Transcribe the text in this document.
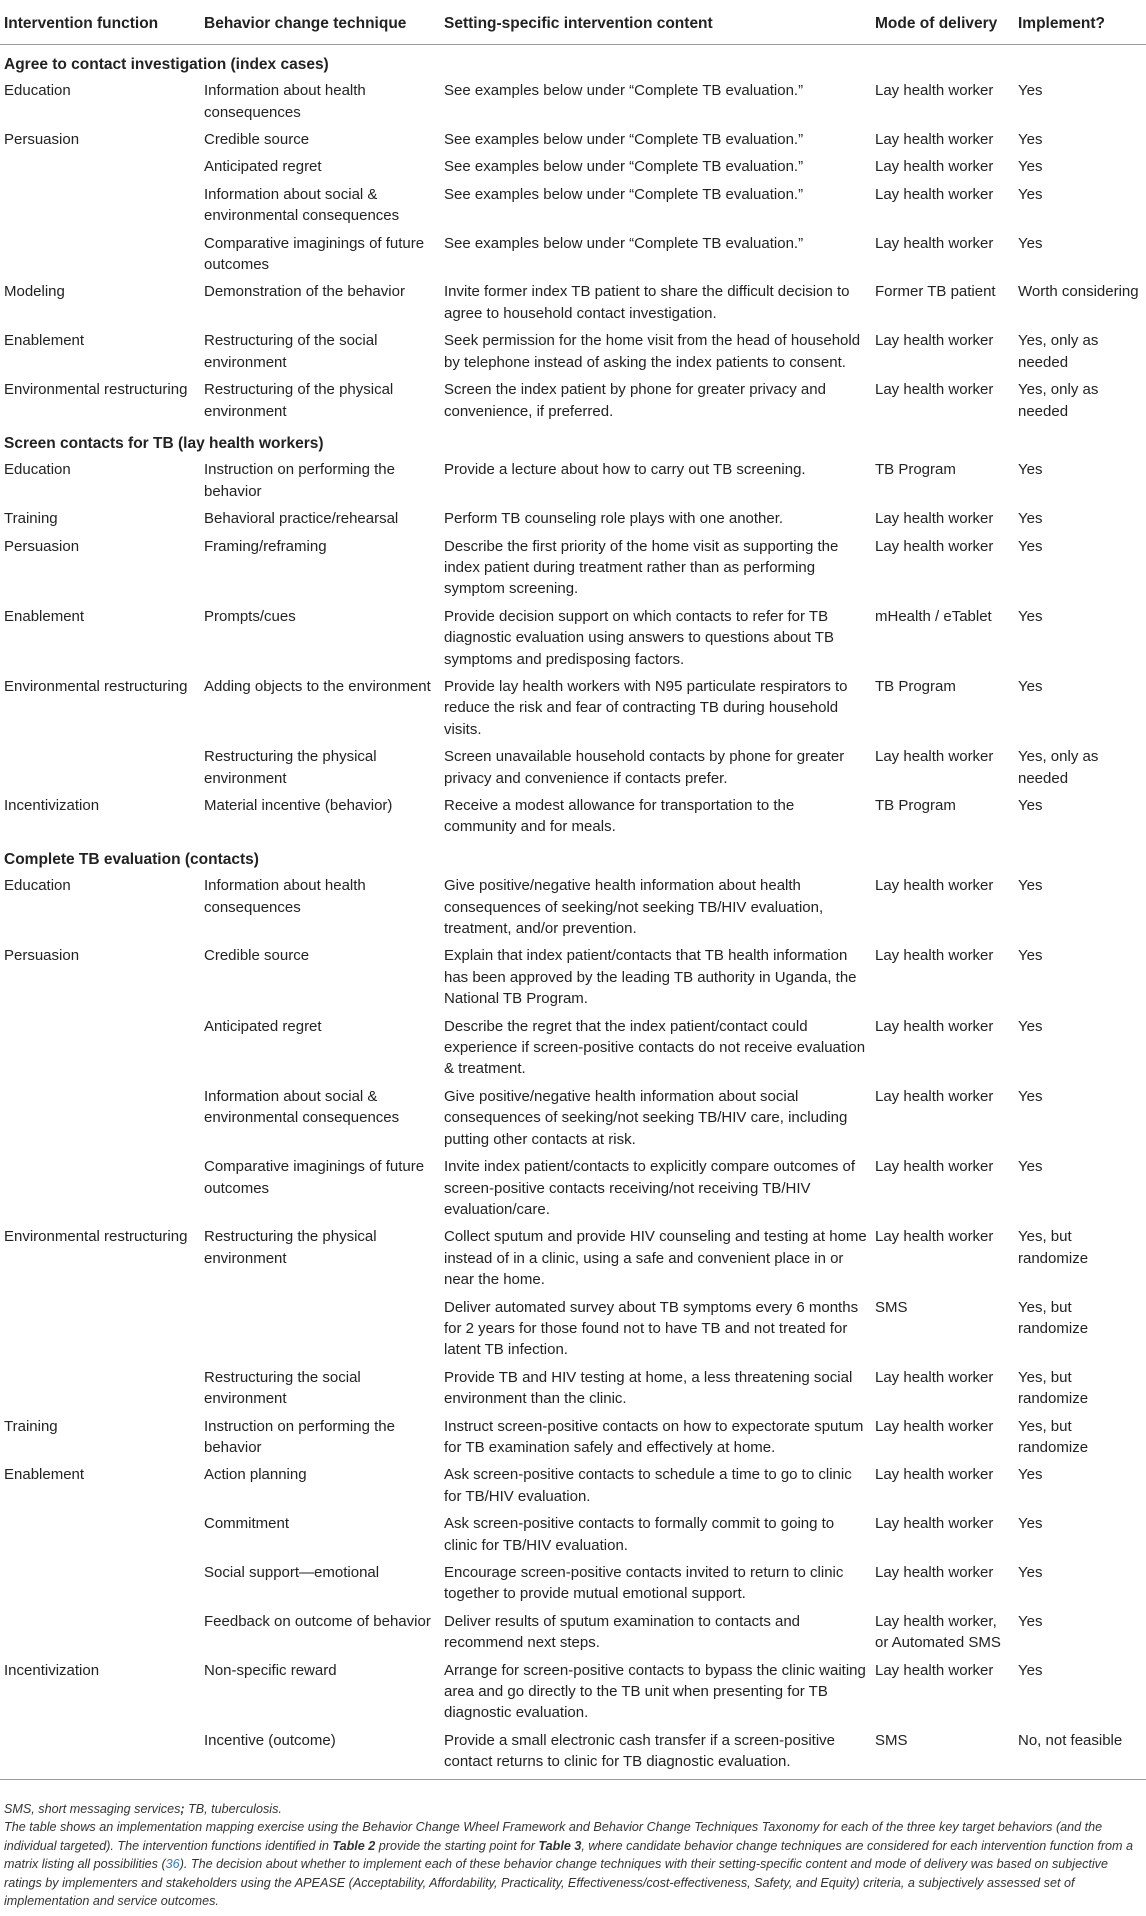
Intervention function	Behavior change technique	Setting-specific intervention content	Mode of delivery	Implement?
Agree to contact investigation (index cases)				
Education	Information about health consequences	See examples below under “Complete TB evaluation.”	Lay health worker	Yes
Persuasion	Credible source	See examples below under “Complete TB evaluation.”	Lay health worker	Yes
	Anticipated regret	See examples below under “Complete TB evaluation.”	Lay health worker	Yes
	Information about social & environmental consequences	See examples below under “Complete TB evaluation.”	Lay health worker	Yes
	Comparative imaginings of future outcomes	See examples below under “Complete TB evaluation.”	Lay health worker	Yes
Modeling	Demonstration of the behavior	Invite former index TB patient to share the difficult decision to agree to household contact investigation.	Former TB patient	Worth considering
Enablement	Restructuring of the social environment	Seek permission for the home visit from the head of household by telephone instead of asking the index patients to consent.	Lay health worker	Yes, only as needed
Environmental restructuring	Restructuring of the physical environment	Screen the index patient by phone for greater privacy and convenience, if preferred.	Lay health worker	Yes, only as needed
Screen contacts for TB (lay health workers)				
Education	Instruction on performing the behavior	Provide a lecture about how to carry out TB screening.	TB Program	Yes
Training	Behavioral practice/rehearsal	Perform TB counseling role plays with one another.	Lay health worker	Yes
Persuasion	Framing/reframing	Describe the first priority of the home visit as supporting the index patient during treatment rather than as performing symptom screening.	Lay health worker	Yes
Enablement	Prompts/cues	Provide decision support on which contacts to refer for TB diagnostic evaluation using answers to questions about TB symptoms and predisposing factors.	mHealth / eTablet	Yes
Environmental restructuring	Adding objects to the environment	Provide lay health workers with N95 particulate respirators to reduce the risk and fear of contracting TB during household visits.	TB Program	Yes
	Restructuring the physical environment	Screen unavailable household contacts by phone for greater privacy and convenience if contacts prefer.	Lay health worker	Yes, only as needed
Incentivization	Material incentive (behavior)	Receive a modest allowance for transportation to the community and for meals.	TB Program	Yes
Complete TB evaluation (contacts)				
Education	Information about health consequences	Give positive/negative health information about health consequences of seeking/not seeking TB/HIV evaluation, treatment, and/or prevention.	Lay health worker	Yes
Persuasion	Credible source	Explain that index patient/contacts that TB health information has been approved by the leading TB authority in Uganda, the National TB Program.	Lay health worker	Yes
	Anticipated regret	Describe the regret that the index patient/contact could experience if screen-positive contacts do not receive evaluation & treatment.	Lay health worker	Yes
	Information about social & environmental consequences	Give positive/negative health information about social consequences of seeking/not seeking TB/HIV care, including putting other contacts at risk.	Lay health worker	Yes
	Comparative imaginings of future outcomes	Invite index patient/contacts to explicitly compare outcomes of screen-positive contacts receiving/not receiving TB/HIV evaluation/care.	Lay health worker	Yes
Environmental restructuring	Restructuring the physical environment	Collect sputum and provide HIV counseling and testing at home instead of in a clinic, using a safe and convenient place in or near the home.	Lay health worker	Yes, but randomize
		Deliver automated survey about TB symptoms every 6 months for 2 years for those found not to have TB and not treated for latent TB infection.	SMS	Yes, but randomize
	Restructuring the social environment	Provide TB and HIV testing at home, a less threatening social environment than the clinic.	Lay health worker	Yes, but randomize
Training	Instruction on performing the behavior	Instruct screen-positive contacts on how to expectorate sputum for TB examination safely and effectively at home.	Lay health worker	Yes, but randomize
Enablement	Action planning	Ask screen-positive contacts to schedule a time to go to clinic for TB/HIV evaluation.	Lay health worker	Yes
	Commitment	Ask screen-positive contacts to formally commit to going to clinic for TB/HIV evaluation.	Lay health worker	Yes
	Social support—emotional	Encourage screen-positive contacts invited to return to clinic together to provide mutual emotional support.	Lay health worker	Yes
	Feedback on outcome of behavior	Deliver results of sputum examination to contacts and recommend next steps.	Lay health worker, or Automated SMS	Yes
Incentivization	Non-specific reward	Arrange for screen-positive contacts to bypass the clinic waiting area and go directly to the TB unit when presenting for TB diagnostic evaluation.	Lay health worker	Yes
	Incentive (outcome)	Provide a small electronic cash transfer if a screen-positive contact returns to clinic for TB diagnostic evaluation.	SMS	No, not feasible

SMS, short messaging services; TB, tuberculosis.

The table shows an implementation mapping exercise using the Behavior Change Wheel Framework and Behavior Change Techniques Taxonomy for each of the three key target behaviors (and the individual targeted). The intervention functions identified in Table 2 provide the starting point for Table 3, where candidate behavior change techniques are considered for each intervention function from a matrix listing all possibilities (36). The decision about whether to implement each of these behavior change techniques with their setting-specific content and mode of delivery was based on subjective ratings by implementers and stakeholders using the APEASE (Acceptability, Affordability, Practicality, Effectiveness/cost-effectiveness, Safety, and Equity) criteria, a subjectively assessed set of implementation and service outcomes.
